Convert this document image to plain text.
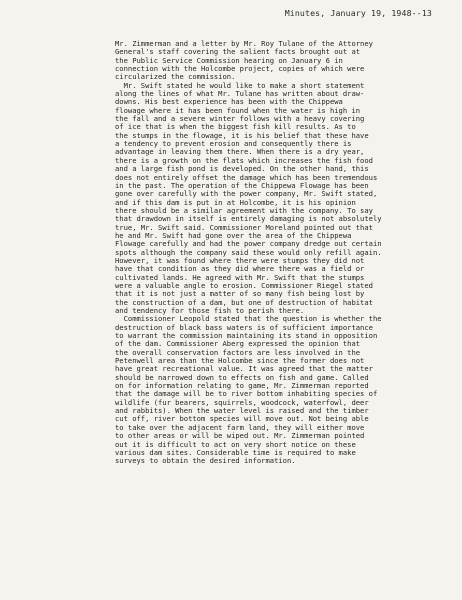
Minutes, January 19, 1948--13
Mr. Zimmerman and a letter by Mr. Roy Tulane of the Attorney
General's staff covering the salient facts brought out at
the Public Service Commission hearing on January 6 in
connection with the Holcombe project, copies of which were
circularized the commission.
Mr. Swift stated he would like to make a short statement
along the lines of what Mr. Tulane has written about draw-
downs. His best experience has been with the Chippewa
flowage where it has been found when the water is high in
the fall and a severe winter follows with a heavy covering
of ice that is when the biggest fish kill results. As to
the stumps in the flowage, it is his belief that these have
a tendency to prevent erosion and consequently there is
advantage in leaving them there. When there is a dry year,
there is a growth on the flats which increases the fish food
and a large fish pond is developed. On the other hand, this
does not entirely offset the damage which has been tremendous
in the past. The operation of the Chippewa Flowage has been
gone over carefully with the power company, Mr. Swift stated,
and if this dam is put in at Holcombe, it is his opinion
there should be a similar agreement with the company. To say
that drawdown in itself is entirely damaging is not absolutely
true, Mr. Swift said. Commissioner Moreland pointed out that
he and Mr. Swift had gone over the area of the Chippewa
Flowage carefully and had the power company dredge out certain
spots although the company said these would only refill again.
However, it was found where there were stumps they did not
have that condition as they did where there was a field or
cultivated lands. He agreed with Mr. Swift that the stumps
were a valuable angle to erosion. Commissioner Riegel stated
that it is not just a matter of so many fish being lost by
the construction of a dam, but one of destruction of habitat
and tendency for those fish to perish there.
Commissioner Leopold stated that the question is whether the
destruction of black bass waters is of sufficient importance
to warrant the commission maintaining its stand in opposition
of the dam. Commissioner Aberg expressed the opinion that
the overall conservation factors are less involved in the
Petenwell area than the Holcombe since the former does not
have great recreational value. It was agreed that the matter
should be narrowed down to effects on fish and game. Called
on for information relating to game, Mr. Zimmerman reported
that the damage will be to river bottom inhabiting species of
wildlife (fur bearers, squirrels, woodcock, waterfowl, deer
and rabbits). When the water level is raised and the timber
cut off, river bottom species will move out. Not being able
to take over the adjacent farm land, they will either move
to other areas or will be wiped out. Mr. Zimmerman pointed
out it is difficult to act on very short notice on these
various dam sites. Considerable time is required to make
surveys to obtain the desired information.
